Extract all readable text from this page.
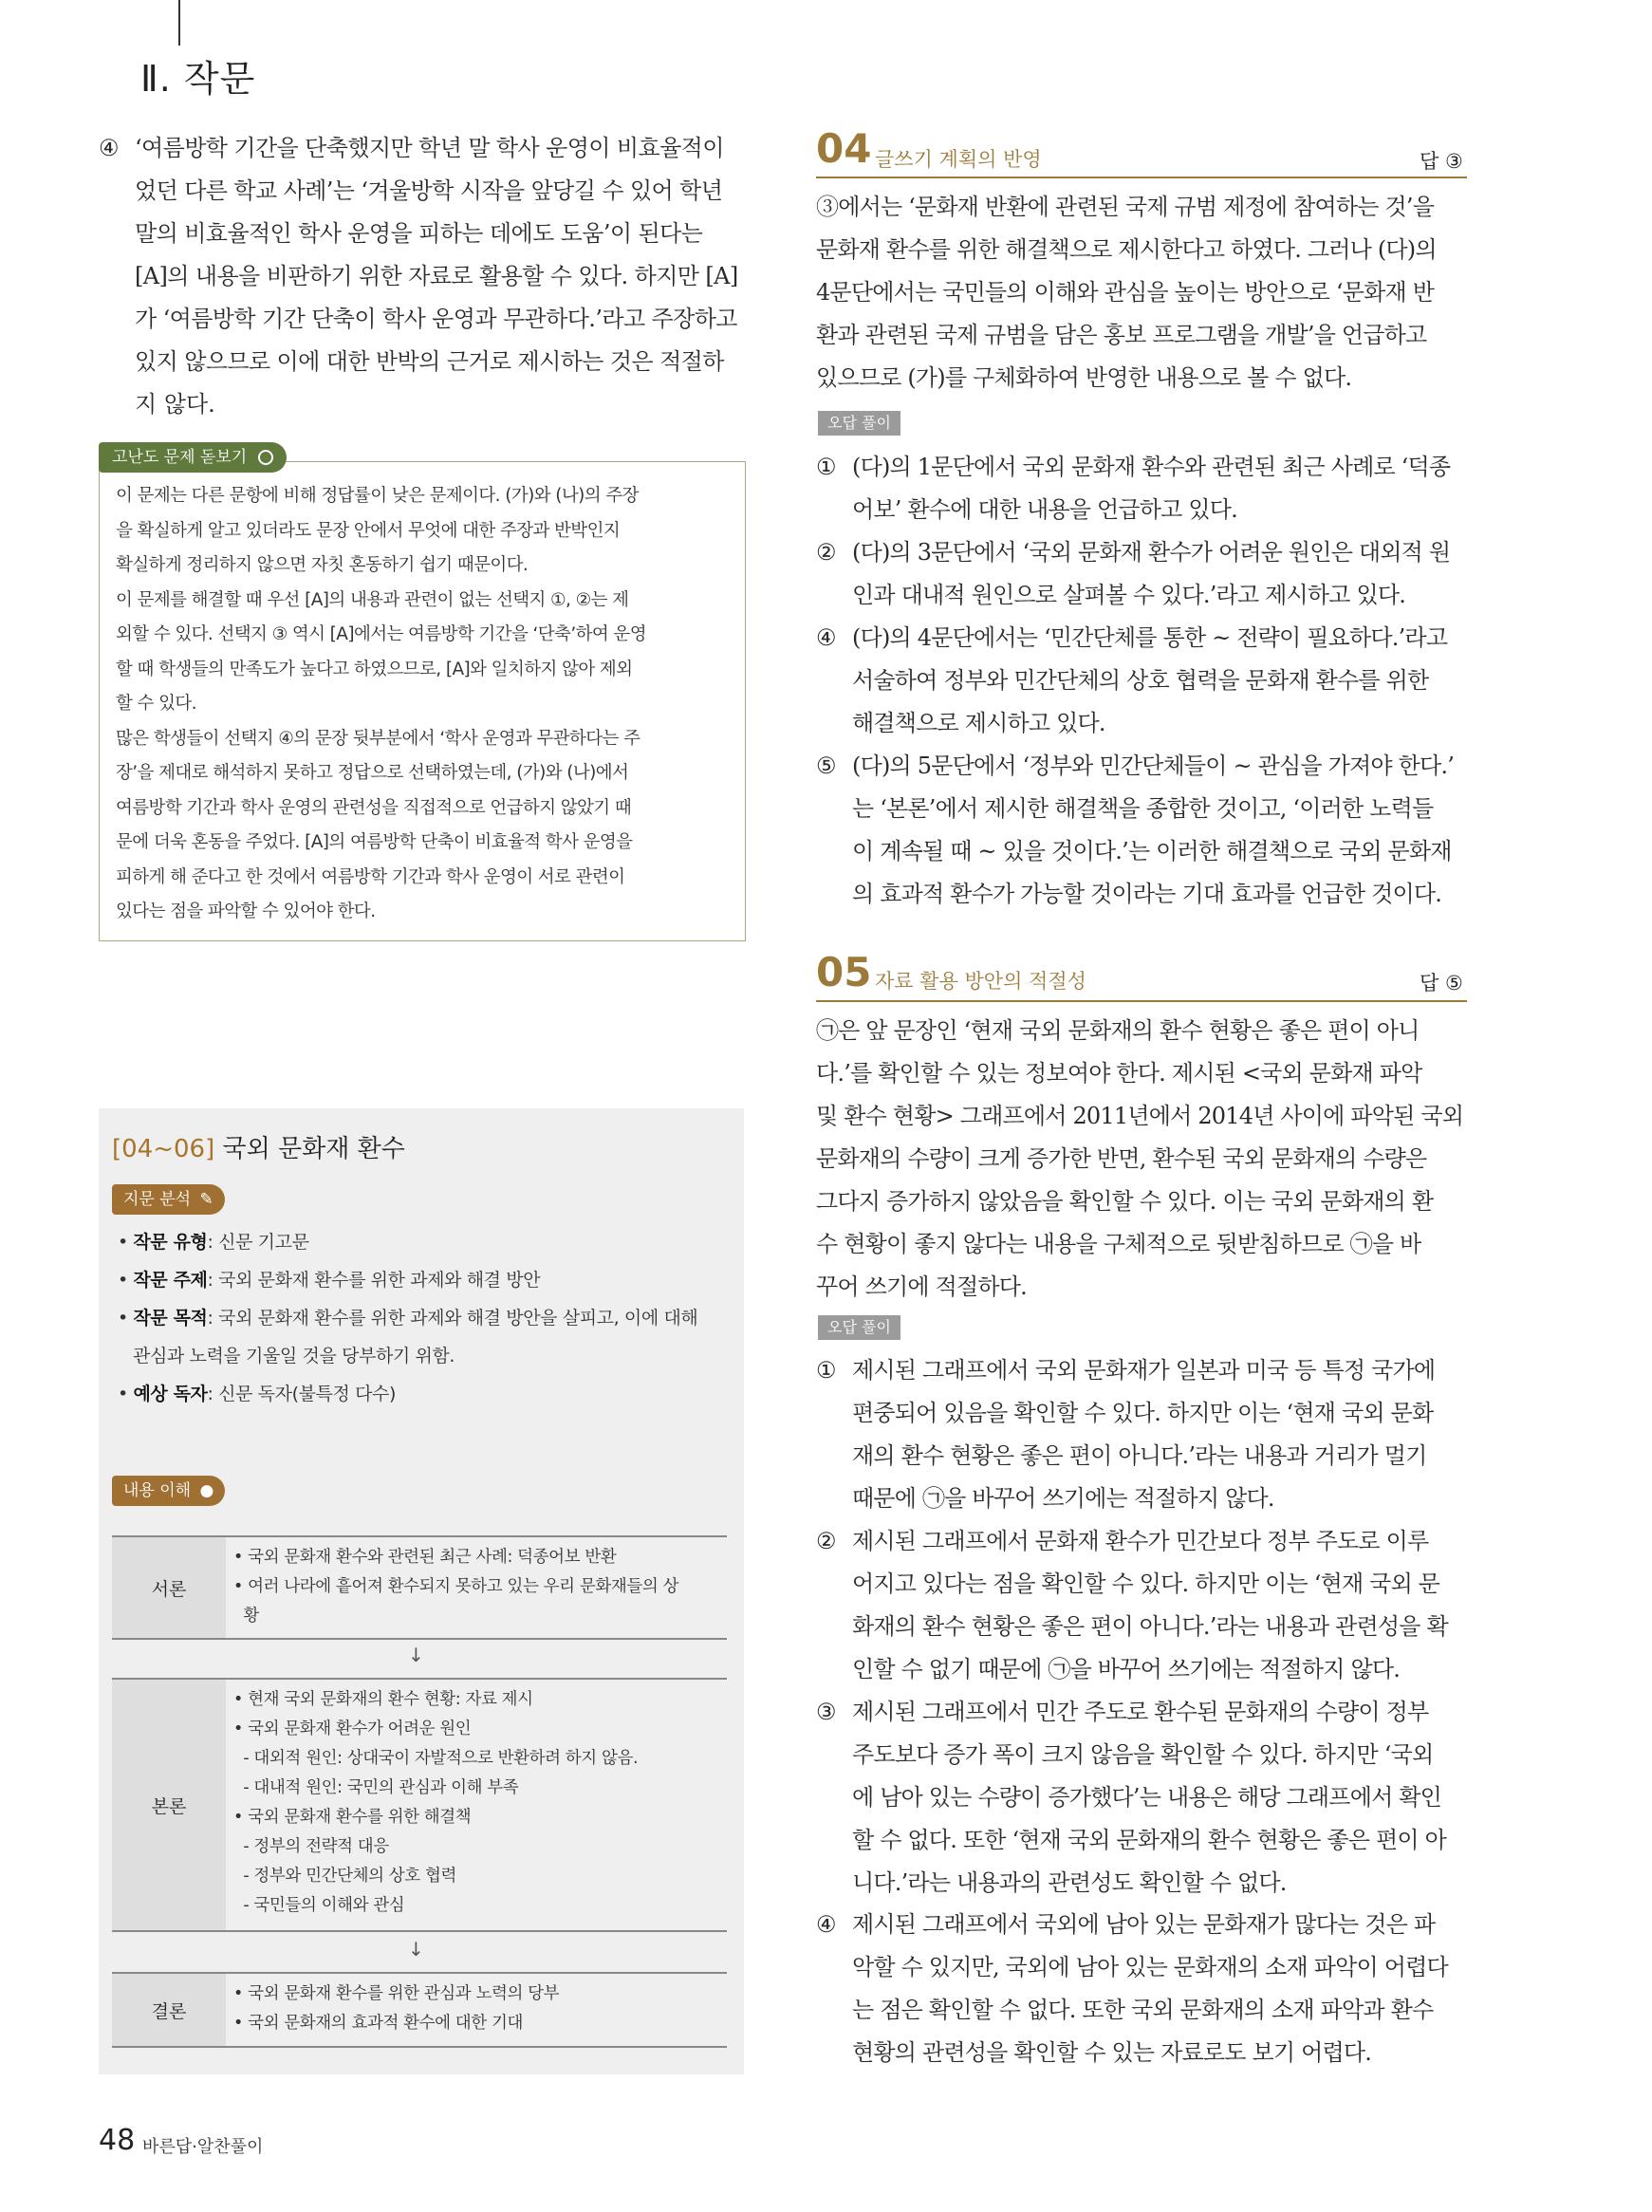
Ⅱ. 작문
④ ‘여름방학 기간을 단축했지만 학년 말 학사 운영이 비효율적이
었던 다른 학교 사례’는 ‘겨울방학 시작을 앞당길 수 있어 학년
말의 비효율적인 학사 운영을 피하는 데에도 도움’이 된다는
[A]의 내용을 비판하기 위한 자료로 활용할 수 있다. 하지만 [A]
가 ‘여름방학 기간 단축이 학사 운영과 무관하다.’라고 주장하고
있지 않으므로 이에 대한 반박의 근거로 제시하는 것은 적절하
지 않다.
고난도 문제 돋보기
이 문제는 다른 문항에 비해 정답률이 낮은 문제이다. (가)와 (나)의 주장
을 확실하게 알고 있더라도 문장 안에서 무엇에 대한 주장과 반박인지
확실하게 정리하지 않으면 자칫 혼동하기 쉽기 때문이다.
이 문제를 해결할 때 우선 [A]의 내용과 관련이 없는 선택지 ①, ②는 제
외할 수 있다. 선택지 ③ 역시 [A]에서는 여름방학 기간을 ‘단축’하여 운영
할 때 학생들의 만족도가 높다고 하였으므로, [A]와 일치하지 않아 제외
할 수 있다.
많은 학생들이 선택지 ④의 문장 뒷부분에서 ‘학사 운영과 무관하다는 주
장’을 제대로 해석하지 못하고 정답으로 선택하였는데, (가)와 (나)에서
여름방학 기간과 학사 운영의 관련성을 직접적으로 언급하지 않았기 때
문에 더욱 혼동을 주었다. [A]의 여름방학 단축이 비효율적 학사 운영을
피하게 해 준다고 한 것에서 여름방학 기간과 학사 운영이 서로 관련이
있다는 점을 파악할 수 있어야 한다.
[04~06] 국외 문화재 환수
지문 분석 ✎
• 작문 유형: 신문 기고문
• 작문 주제: 국외 문화재 환수를 위한 과제와 해결 방안
• 작문 목적: 국외 문화재 환수를 위한 과제와 해결 방안을 살피고, 이에 대해
관심과 노력을 기울일 것을 당부하기 위함.
• 예상 독자: 신문 독자(불특정 다수)
내용 이해 ●
서론
• 국외 문화재 환수와 관련된 최근 사례: 덕종어보 반환
• 여러 나라에 흩어져 환수되지 못하고 있는 우리 문화재들의 상
황
↓
본론
• 현재 국외 문화재의 환수 현황: 자료 제시
• 국외 문화재 환수가 어려운 원인
- 대외적 원인: 상대국이 자발적으로 반환하려 하지 않음.
- 대내적 원인: 국민의 관심과 이해 부족
• 국외 문화재 환수를 위한 해결책
- 정부의 전략적 대응
- 정부와 민간단체의 상호 협력
- 국민들의 이해와 관심
↓
결론
• 국외 문화재 환수를 위한 관심과 노력의 당부
• 국외 문화재의 효과적 환수에 대한 기대
04 글쓰기 계획의 반영	답 ③
③에서는 ‘문화재 반환에 관련된 국제 규범 제정에 참여하는 것’을
문화재 환수를 위한 해결책으로 제시한다고 하였다. 그러나 (다)의
4문단에서는 국민들의 이해와 관심을 높이는 방안으로 ‘문화재 반
환과 관련된 국제 규범을 담은 홍보 프로그램을 개발’을 언급하고
있으므로 (가)를 구체화하여 반영한 내용으로 볼 수 없다.
오답 풀이
① (다)의 1문단에서 국외 문화재 환수와 관련된 최근 사례로 ‘덕종
어보’ 환수에 대한 내용을 언급하고 있다.
② (다)의 3문단에서 ‘국외 문화재 환수가 어려운 원인은 대외적 원
인과 대내적 원인으로 살펴볼 수 있다.’라고 제시하고 있다.
④ (다)의 4문단에서는 ‘민간단체를 통한 ~ 전략이 필요하다.’라고
서술하여 정부와 민간단체의 상호 협력을 문화재 환수를 위한
해결책으로 제시하고 있다.
⑤ (다)의 5문단에서 ‘정부와 민간단체들이 ~ 관심을 가져야 한다.’
는 ‘본론’에서 제시한 해결책을 종합한 것이고, ‘이러한 노력들
이 계속될 때 ~ 있을 것이다.’는 이러한 해결책으로 국외 문화재
의 효과적 환수가 가능할 것이라는 기대 효과를 언급한 것이다.
05 자료 활용 방안의 적절성	답 ⑤
㉠은 앞 문장인 ‘현재 국외 문화재의 환수 현황은 좋은 편이 아니
다.’를 확인할 수 있는 정보여야 한다. 제시된 <국외 문화재 파악
및 환수 현황> 그래프에서 2011년에서 2014년 사이에 파악된 국외
문화재의 수량이 크게 증가한 반면, 환수된 국외 문화재의 수량은
그다지 증가하지 않았음을 확인할 수 있다. 이는 국외 문화재의 환
수 현황이 좋지 않다는 내용을 구체적으로 뒷받침하므로 ㉠을 바
꾸어 쓰기에 적절하다.
오답 풀이
① 제시된 그래프에서 국외 문화재가 일본과 미국 등 특정 국가에
편중되어 있음을 확인할 수 있다. 하지만 이는 ‘현재 국외 문화
재의 환수 현황은 좋은 편이 아니다.’라는 내용과 거리가 멀기
때문에 ㉠을 바꾸어 쓰기에는 적절하지 않다.
② 제시된 그래프에서 문화재 환수가 민간보다 정부 주도로 이루
어지고 있다는 점을 확인할 수 있다. 하지만 이는 ‘현재 국외 문
화재의 환수 현황은 좋은 편이 아니다.’라는 내용과 관련성을 확
인할 수 없기 때문에 ㉠을 바꾸어 쓰기에는 적절하지 않다.
③ 제시된 그래프에서 민간 주도로 환수된 문화재의 수량이 정부
주도보다 증가 폭이 크지 않음을 확인할 수 있다. 하지만 ‘국외
에 남아 있는 수량이 증가했다’는 내용은 해당 그래프에서 확인
할 수 없다. 또한 ‘현재 국외 문화재의 환수 현황은 좋은 편이 아
니다.’라는 내용과의 관련성도 확인할 수 없다.
④ 제시된 그래프에서 국외에 남아 있는 문화재가 많다는 것은 파
악할 수 있지만, 국외에 남아 있는 문화재의 소재 파악이 어렵다
는 점은 확인할 수 없다. 또한 국외 문화재의 소재 파악과 환수
현황의 관련성을 확인할 수 있는 자료로도 보기 어렵다.
48 바른답·알찬풀이
